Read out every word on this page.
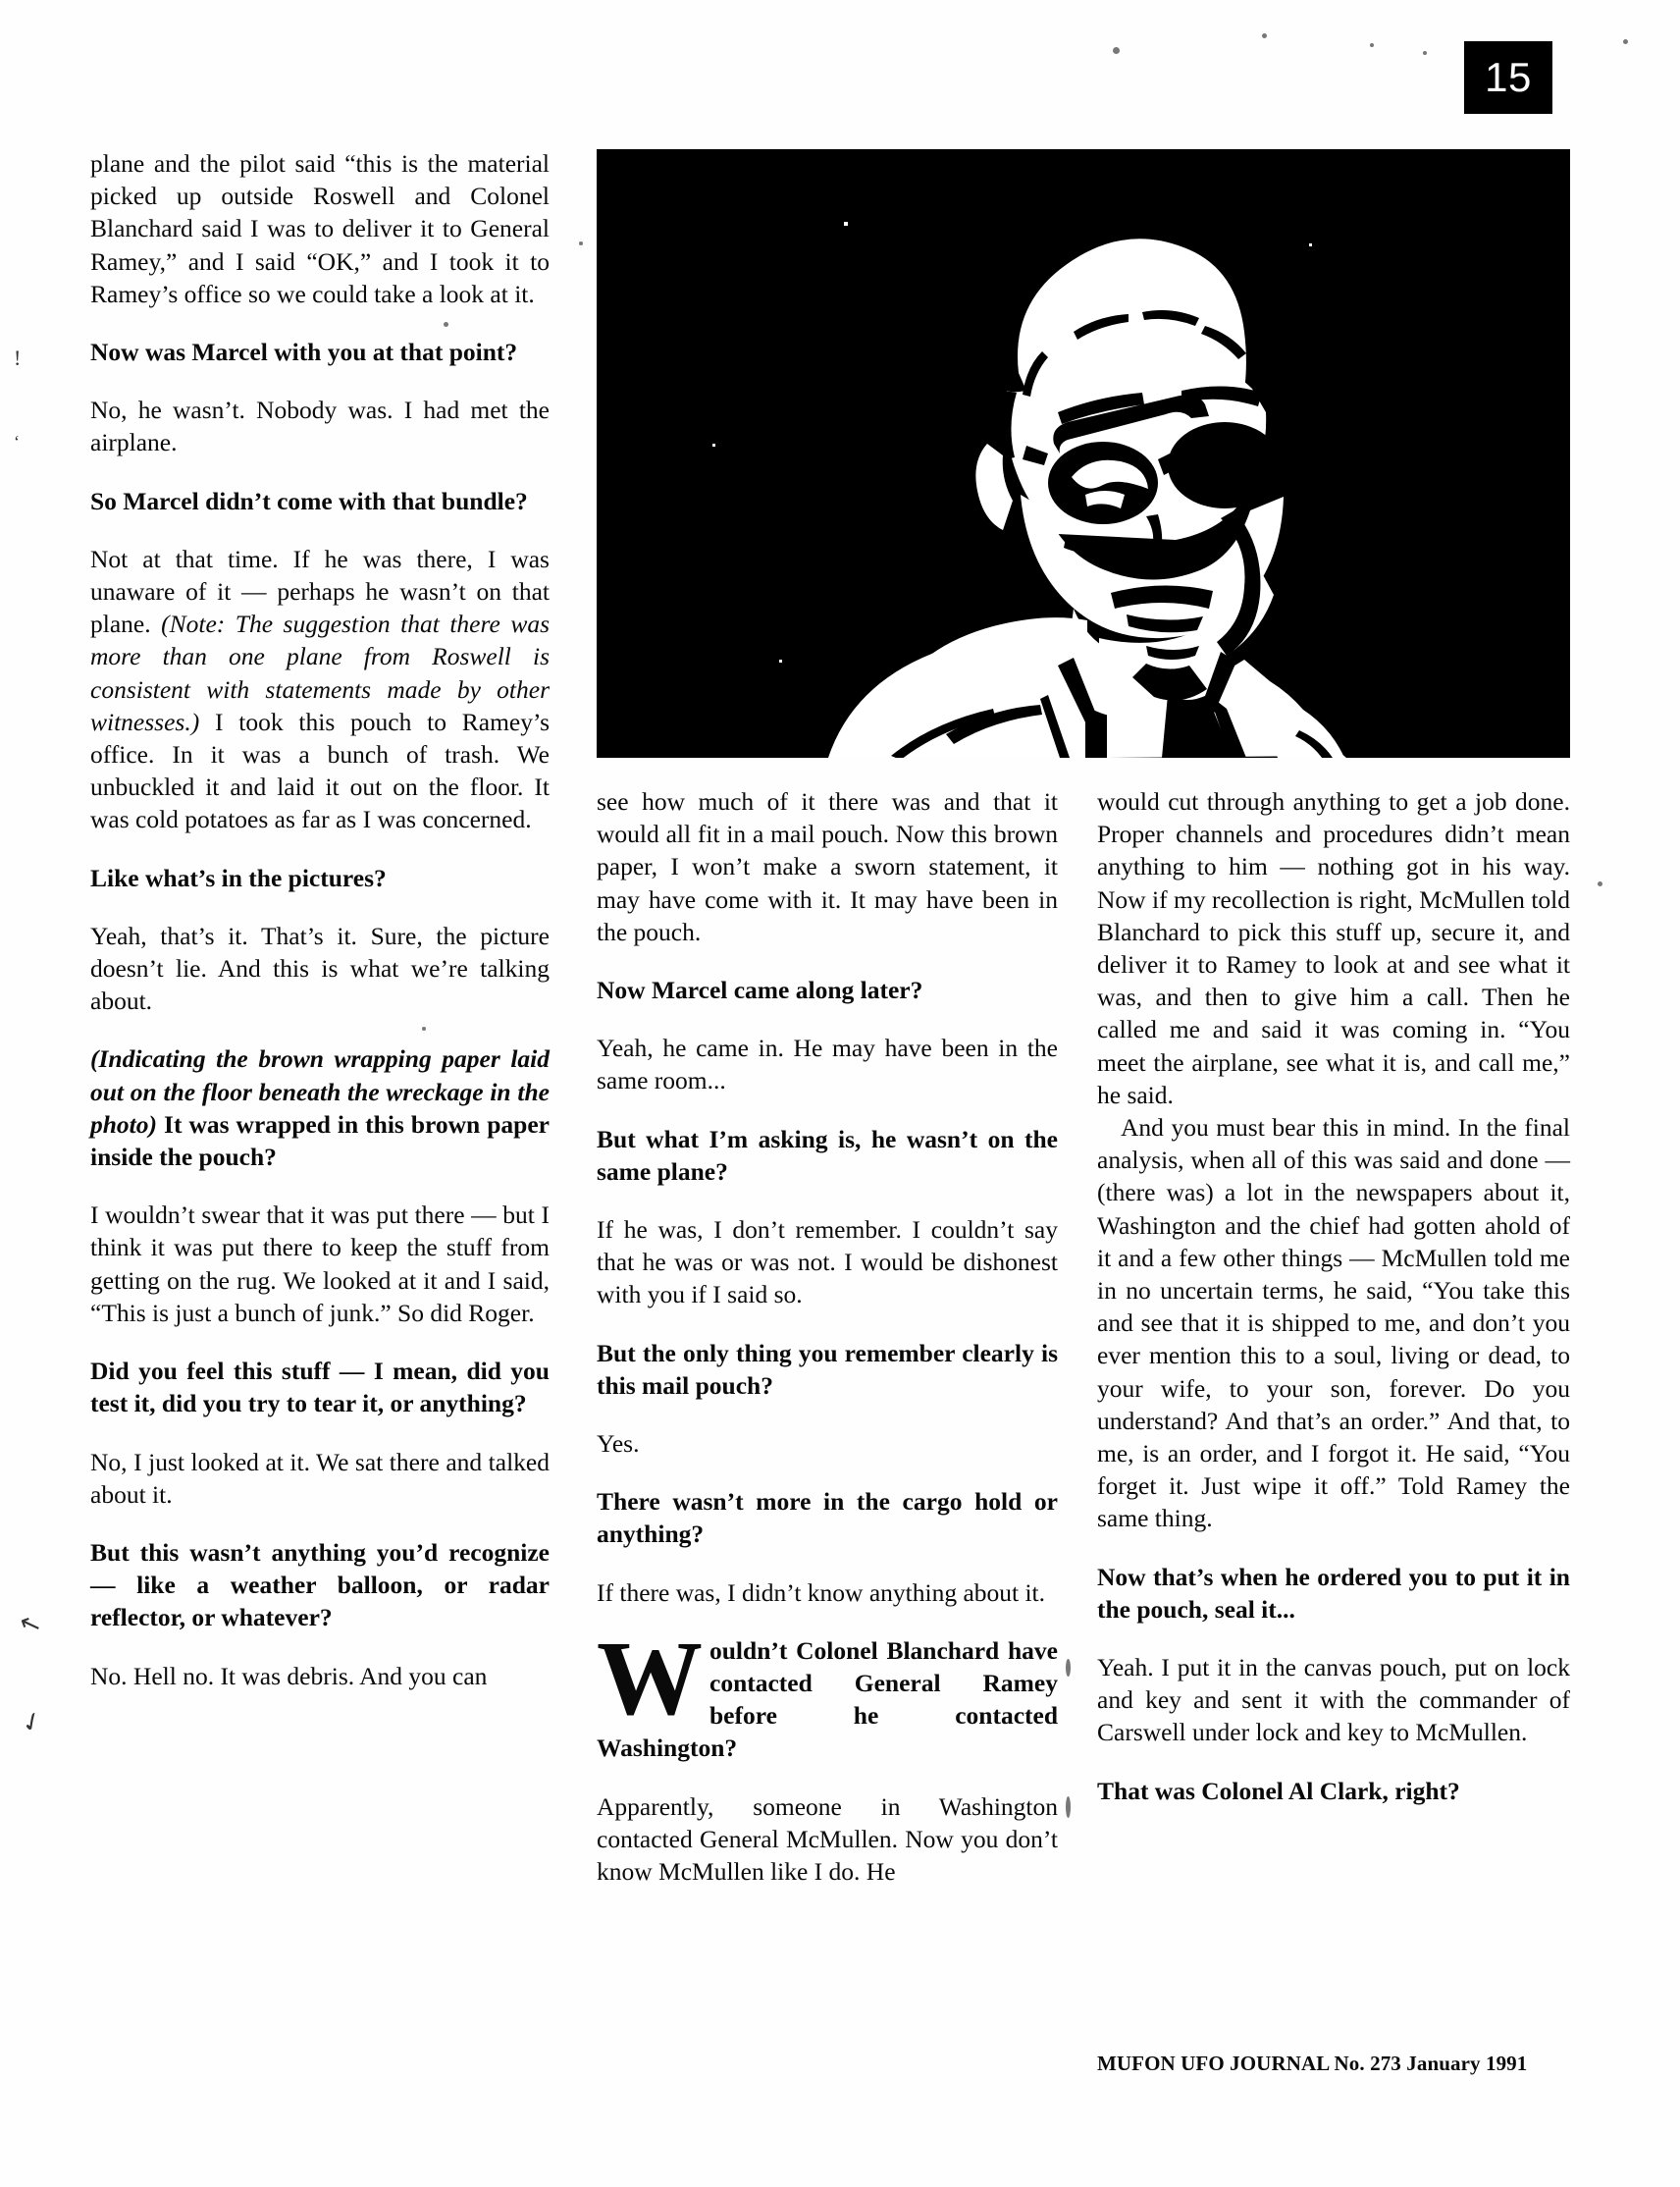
15

plane and the pilot said “this is the material picked up outside Roswell and Colonel Blanchard said I was to deliver it to General Ramey,” and I said “OK,” and I took it to Ramey’s office so we could take a look at it.

Now was Marcel with you at that point?

No, he wasn’t. Nobody was. I had met the airplane.

So Marcel didn’t come with that bundle?

Not at that time. If he was there, I was unaware of it — perhaps he wasn’t on that plane. (Note: The suggestion that there was more than one plane from Roswell is consistent with statements made by other witnesses.) I took this pouch to Ramey’s office. In it was a bunch of trash. We unbuckled it and laid it out on the floor. It was cold potatoes as far as I was concerned.

Like what’s in the pictures?

Yeah, that’s it. That’s it. Sure, the picture doesn’t lie. And this is what we’re talking about.

(Indicating the brown wrapping paper laid out on the floor beneath the wreckage in the photo) It was wrapped in this brown paper inside the pouch?

I wouldn’t swear that it was put there — but I think it was put there to keep the stuff from getting on the rug. We looked at it and I said, “This is just a bunch of junk.” So did Roger.

Did you feel this stuff — I mean, did you test it, did you try to tear it, or anything?

No, I just looked at it. We sat there and talked about it.

But this wasn’t anything you’d recognize — like a weather balloon, or radar reflector, or whatever?

No. Hell no. It was debris. And you can

see how much of it there was and that it would all fit in a mail pouch. Now this brown paper, I won’t make a sworn statement, it may have come with it. It may have been in the pouch.

Now Marcel came along later?

Yeah, he came in. He may have been in the same room...

But what I’m asking is, he wasn’t on the same plane?

If he was, I don’t remember. I couldn’t say that he was or was not. I would be dishonest with you if I said so.

But the only thing you remember clearly is this mail pouch?

Yes.

There wasn’t more in the cargo hold or anything?

If there was, I didn’t know anything about it.

Wouldn’t Colonel Blanchard have contacted General Ramey before he contacted Washington?

Apparently, someone in Washington contacted General McMullen. Now you don’t know McMullen like I do. He

would cut through anything to get a job done. Proper channels and procedures didn’t mean anything to him — nothing got in his way. Now if my recollection is right, McMullen told Blanchard to pick this stuff up, secure it, and deliver it to Ramey to look at and see what it was, and then to give him a call. Then he called me and said it was coming in. “You meet the airplane, see what it is, and call me,” he said.

And you must bear this in mind. In the final analysis, when all of this was said and done — (there was) a lot in the newspapers about it, Washington and the chief had gotten ahold of it and a few other things — McMullen told me in no uncertain terms, he said, “You take this and see that it is shipped to me, and don’t you ever mention this to a soul, living or dead, to your wife, to your son, forever. Do you understand? And that’s an order.” And that, to me, is an order, and I forgot it. He said, “You forget it. Just wipe it off.” Told Ramey the same thing.

Now that’s when he ordered you to put it in the pouch, seal it...

Yeah. I put it in the canvas pouch, put on lock and key and sent it with the commander of Carswell under lock and key to McMullen.

That was Colonel Al Clark, right?

MUFON UFO JOURNAL No. 273 January 1991
!
‘
↖
✓
